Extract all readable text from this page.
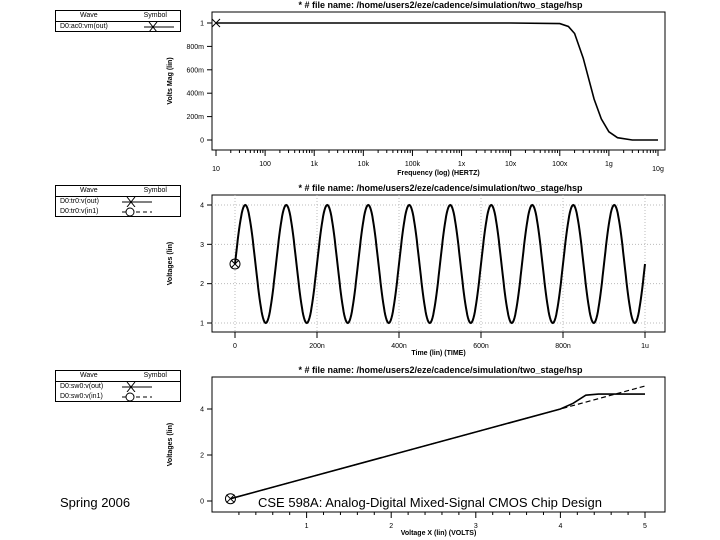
Wave	Symbol
D0:ac0:vm(out)
Wave	Symbol
D0:tr0:v(out)
D0:tr0:v(in1)
Wave	Symbol
D0:sw0:v(out)
D0:sw0:v(in1)
* # file name: /home/users2/eze/cadence/simulation/two_stage/hsp
Frequency (log) (HERTZ)
Volts Mag (lin)
10
100	1k	10k	100k	1x	10x	100x	1g
10g
0
200m
400m
600m
800m
1
* # file name: /home/users2/eze/cadence/simulation/two_stage/hsp
Time (lin) (TIME)
Voltages (lin)
0	200n	400n	600n	800n	1u
1
2
3
4
* # file name: /home/users2/eze/cadence/simulation/two_stage/hsp
Voltage X (lin) (VOLTS)
Voltages (lin)
1	2	3	4	5
0
2
4
Spring 2006	CSE 598A: Analog-Digital Mixed-Signal CMOS Chip Design
